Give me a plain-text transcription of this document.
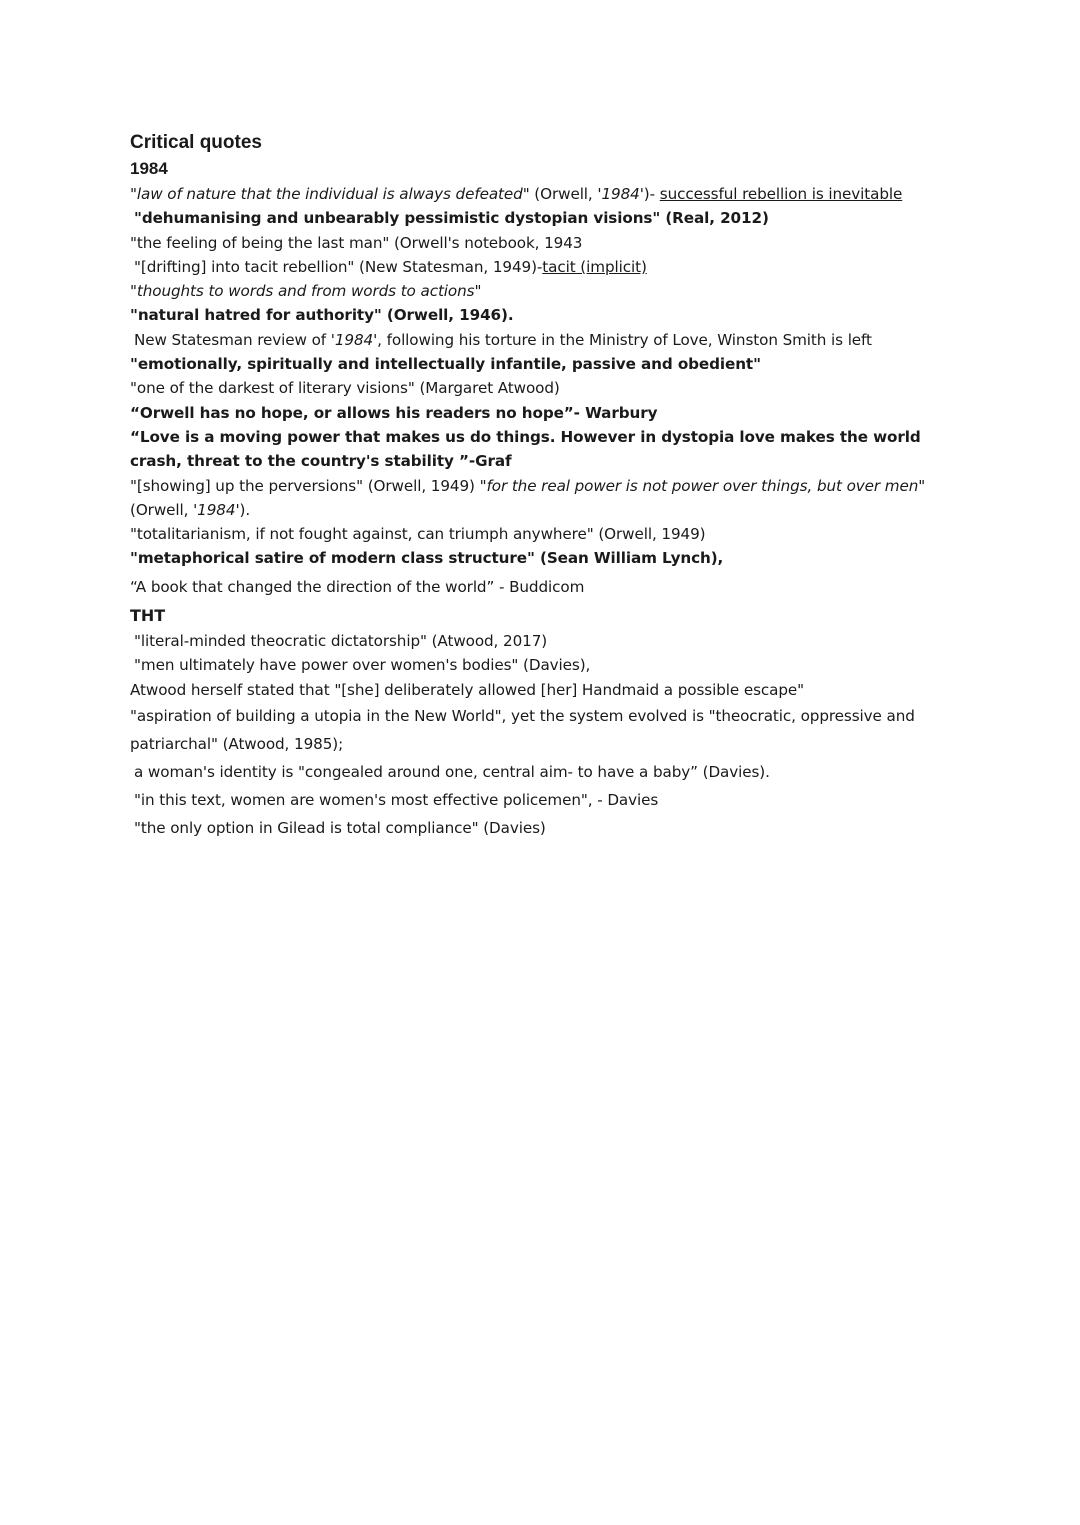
Critical quotes
1984
"law of nature that the individual is always defeated" (Orwell, '1984')- successful rebellion is inevitable
"dehumanising and unbearably pessimistic dystopian visions" (Real, 2012)
"the feeling of being the last man" (Orwell's notebook, 1943
"[drifting] into tacit rebellion" (New Statesman, 1949)-tacit (implicit)
"thoughts to words and from words to actions"
"natural hatred for authority" (Orwell, 1946).
New Statesman review of '1984', following his torture in the Ministry of Love, Winston Smith is left
"emotionally, spiritually and intellectually infantile, passive and obedient"
"one of the darkest of literary visions" (Margaret Atwood)
“Orwell has no hope, or allows his readers no hope”- Warbury
“Love is a moving power that makes us do things. However in dystopia love makes the world crash, threat to the country's stability ”-Graf
"[showing] up the perversions" (Orwell, 1949) "for the real power is not power over things, but over men" (Orwell, '1984').
"totalitarianism, if not fought against, can triumph anywhere" (Orwell, 1949)
"metaphorical satire of modern class structure" (Sean William Lynch),
“A book that changed the direction of the world” - Buddicom
THT
"literal-minded theocratic dictatorship" (Atwood, 2017)
"men ultimately have power over women's bodies" (Davies),
Atwood herself stated that "[she] deliberately allowed [her] Handmaid a possible escape"
"aspiration of building a utopia in the New World", yet the system evolved is "theocratic, oppressive and patriarchal" (Atwood, 1985);
a woman's identity is "congealed around one, central aim- to have a baby” (Davies).
"in this text, women are women's most effective policemen", - Davies
"the only option in Gilead is total compliance" (Davies)
